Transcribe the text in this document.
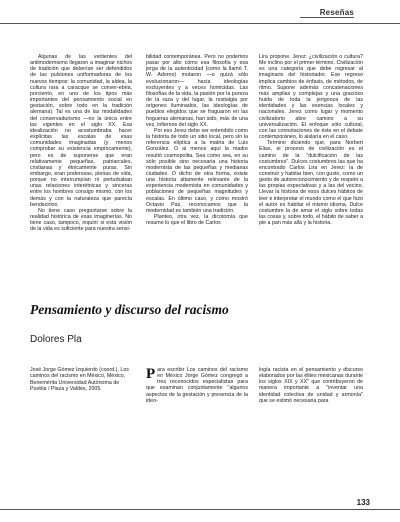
Reseñas

Algunas de las vertientes del antimodernismo llegaron a imaginar nichos de tradición que deberían ser defendidos de las pulsiones uniformadoras de los nuevos tiempos: la comunidad, la aldea, la cultura rara a caracque se conver-ebria, porciento, en uno de los tipos más importantes del pensamiento social en gestación, sobre todo en la tradición alemana). Tal es una de las modalidades del conservadurismo —no la única entre las vigentes en el siglo XX. Esa idealización no acostumbraba hacer explícitas las escalas de esas comunidades imaginadas (y menos comprobar su existencia empíricamente), pero es de suponerse que eran relativamente pequeñas, patriarcales, cristianas y étnicamente puras. Sin embargo, eran poderosas, plenas de vida, porque no interrumpían ni perturbaban unas relaciones interétnicas y sinceras entre los hombres consigo mismo, con los demás y con la naturaleza que parecía bendecirlos.

No tiene caso preguntarse sobre la realidad histórica de esas imaginerías. No tiene caso, tampoco, inquirir si esta visión de la vida es suficiente para nuestra sensi-

bilidad contemporánea. Pero no podemos pasar por alto cómo esa filosofía y esa jerga de la autenticidad (como la llamó T. W. Adorno) mutaron —o quizá sólo evolucionaron— hacia ideologías excluyentes y a veces homicidas. Las filosofías de la vida, la pasión por la pureza de la raza y del lugar, la nostalgia por orígenes iluminados, las ideologías de pueblos elegidos que se fraguaron en las hogueras alemanas, han sido, más de una vez, infiernos del siglo XX.

Por eso Jerez debe ser entendido como la historia de todo un sitio local, pero sin la referencia elíptica a la matria de Luis González. O al menos aquí la madre resultó cosmopolita. Sea como sea, en su sólo posible sino necesaria una historia modernista de las pequeñas y medianas ciudades. O dicho de otra forma, existe una historia altamente relevante de la experiencia modernista en comunidades y poblaciones de pequeñas magnitudes y escalas. En último caso, y como mostró Octavio Paz, reconocamos que la modernidad es también una tradición.

Planteo, otra vez, la dicotomía que resume lo que el libro de Carlos

Lira propone. Jerez: ¿civilización o cultura? Me inclino por el primer término. Civilización es una categoría que debe regresar al imaginario del historiador. Ese regreso implica cambios de énfasis, de métodos, de ritmo. Supone además concatenaciones más amplias y complejas y una gracioso huida de toda la jerigonza de las identidades y las esencias locales y nacionales. Jerez como lugar y momento civilizatorio abre camino a su universalización. El enfoque sólo cultural, con las connotaciones de éste en el debate contemporáneo, lo aislaría en el caso.

Termino diciendo que, para Norbert Elias, el proceso de civilización es el camino de la "dulcificación de las costumbres". Dulces costumbres las que ha encontrado Carlos Lira en Jerez: la de construir y habitar bien, con gusto, como un gesto de autoreconocimiento y de respeto a las propias expectativas y a las del vecino. Llevar la historia de esos dulces hábitos de leer e interpretar el mundo como el que hizo el autor es habitar el mismo idioma. Dulce costumbre la de amar el siglo sobre todas las cosas y, sobre todo, el hábito de saber a pie a pan más allá y la historia.

Pensamiento y discurso del racismo
Dolores Pla

José Jorge Gómez Izquierdo (coord.), Los caminos del racismo en México, México, Benemérita Universidad Autónoma de Puebla / Plaza y Valdés, 2005.

P ara escribir Los caminos del racismo en México Jorge Gómez congregó a tres reconocidos especialistas para que examinan conjuntamente "algunos aspectos de la gestación y presencia de la ideo-
logía racista en el pensamiento y discurso elaborados por las élites mexicanas durante los siglos XIX y XX" que contribuyeron de manera importante a "inventar una identidad colectiva de unidad y armonía" que se estimó necesaria para
133
